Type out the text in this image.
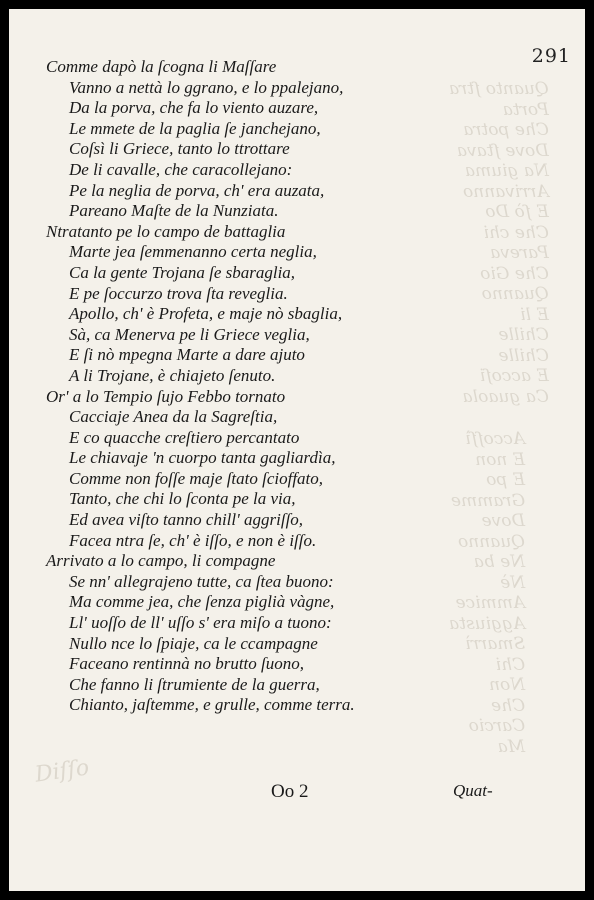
Quanto ſtra
Porta
Che potra
Dove ſtava
Na giuma
Arrivanno
E ſò Do
Che chi
Pareva
Che Gio
Quanno
E li
Chille
Chille
E accoſi
Ca guaola
Accoſſì
E non
E po
Gramme
Dove
Quanno
Ne ba
Nè
Ammice
Aggiusta
Smarrì
Chi
Non
Che
Carcio
Ma
Diſſo
291
Comme dapò la ſcogna li Maſſare
Vanno a nettà lo ggrano, e lo ppalejano,
Da la porva, che fa lo viento auzare,
Le mmete de la paglia ſe janchejano,
Coſsì li Griece, tanto lo ttrottare
De li cavalle, che caracollejano:
Pe la neglia de porva, ch' era auzata,
Pareano Maſte de la Nunziata.
Ntratanto pe lo campo de battaglia
Marte jea ſemmenanno certa neglia,
Ca la gente Trojana ſe sbaraglia,
E pe ſoccurzo trova ſta reveglia.
Apollo, ch' è Profeta, e maje nò sbaglia,
Sà, ca Menerva pe li Griece veglia,
E ſi nò mpegna Marte a dare ajuto
A li Trojane, è chiajeto ſenuto.
Or' a lo Tempio ſujo Febbo tornato
Cacciaje Anea da la Sagreſtia,
E co quacche creſtiero percantato
Le chiavaje 'n cuorpo tanta gagliardìa,
Comme non foſſe maje ſtato ſcioffato,
Tanto, che chi lo ſconta pe la via,
Ed avea viſto tanno chill' aggriſſo,
Facea ntra ſe, ch' è iſſo, e non è iſſo.
Arrivato a lo campo, li compagne
Se nn' allegrajeno tutte, ca ſtea buono:
Ma comme jea, che ſenza piglià vàgne,
Ll' uoſſo de ll' uſſo s' era miſo a tuono:
Nullo nce lo ſpiaje, ca le ccampagne
Faceano rentinnà no brutto ſuono,
Che fanno li ſtrumiente de la guerra,
Chianto, jaſtemme, e grulle, comme terra.
Oo 2	Quat-
